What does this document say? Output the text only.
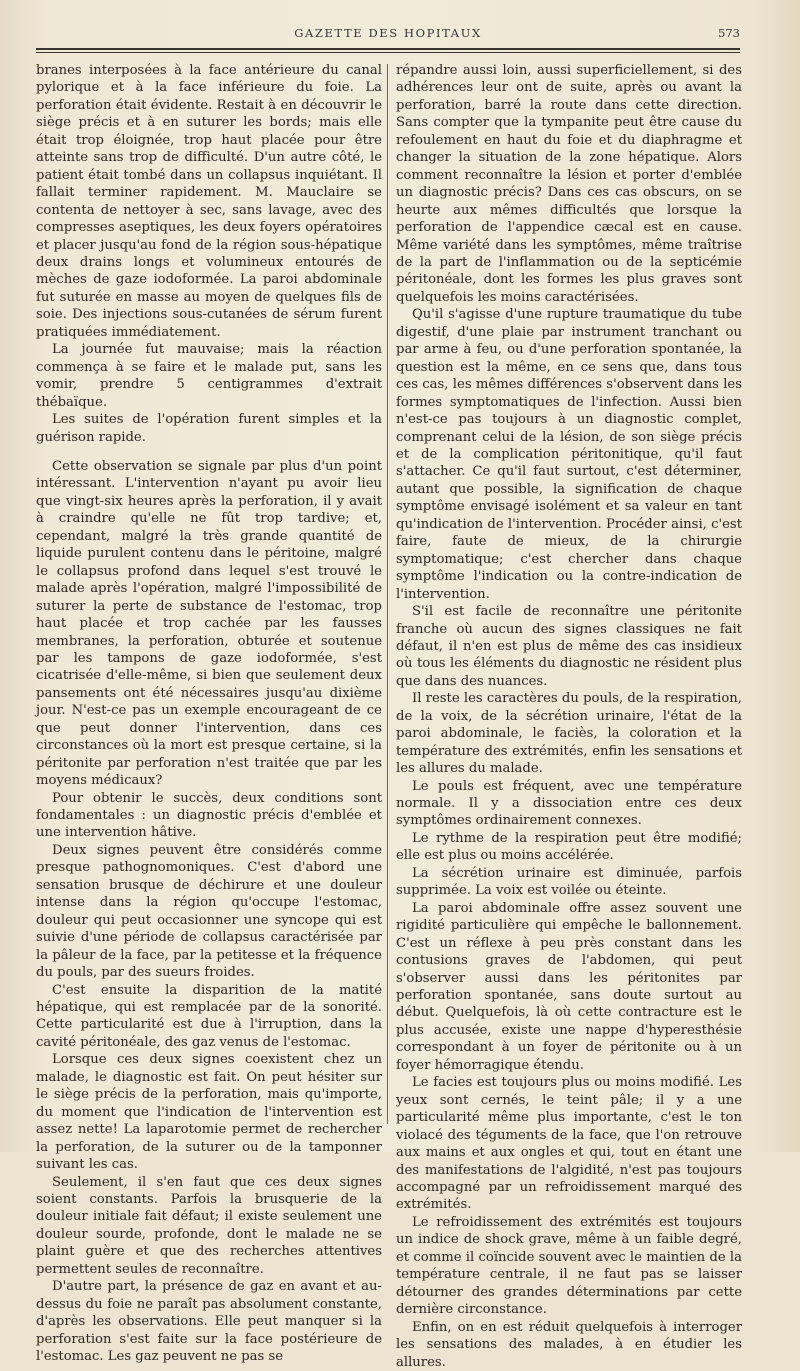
GAZETTE DES HOPITAUX	573

branes interposées à la face antérieure du canal pylorique et à la face inférieure du foie. La perforation était évidente. Restait à en découvrir le siège précis et à en suturer les bords; mais elle était trop éloignée, trop haut placée pour être atteinte sans trop de difficulté. D'un autre côté, le patient était tombé dans un collapsus inquiétant. Il fallait terminer rapidement. M. Mauclaire se contenta de nettoyer à sec, sans lavage, avec des compresses aseptiques, les deux foyers opératoires et placer jusqu'au fond de la région sous-hépatique deux drains longs et volumineux entourés de mèches de gaze iodoformée. La paroi abdominale fut suturée en masse au moyen de quelques fils de soie. Des injections sous-cutanées de sérum furent pratiquées immédiatement.

La journée fut mauvaise; mais la réaction commença à se faire et le malade put, sans les vomir, prendre 5 centigrammes d'extrait thébaïque.

Les suites de l'opération furent simples et la guérison rapide.

Cette observation se signale par plus d'un point intéressant. L'intervention n'ayant pu avoir lieu que vingt-six heures après la perforation, il y avait à craindre qu'elle ne fût trop tardive; et, cependant, malgré la très grande quantité de liquide purulent contenu dans le péritoine, malgré le collapsus profond dans lequel s'est trouvé le malade après l'opération, malgré l'impossibilité de suturer la perte de substance de l'estomac, trop haut placée et trop cachée par les fausses membranes, la perforation, obturée et soutenue par les tampons de gaze iodoformée, s'est cicatrisée d'elle-même, si bien que seulement deux pansements ont été nécessaires jusqu'au dixième jour. N'est-ce pas un exemple encourageant de ce que peut donner l'intervention, dans ces circonstances où la mort est presque certaine, si la péritonite par perforation n'est traitée que par les moyens médicaux?

Pour obtenir le succès, deux conditions sont fondamentales : un diagnostic précis d'emblée et une intervention hâtive.

Deux signes peuvent être considérés comme presque pathognomoniques. C'est d'abord une sensation brusque de déchirure et une douleur intense dans la région qu'occupe l'estomac, douleur qui peut occasionner une syncope qui est suivie d'une période de collapsus caractérisée par la pâleur de la face, par la petitesse et la fréquence du pouls, par des sueurs froides.

C'est ensuite la disparition de la matité hépatique, qui est remplacée par de la sonorité. Cette particularité est due à l'irruption, dans la cavité péritonéale, des gaz venus de l'estomac.

Lorsque ces deux signes coexistent chez un malade, le diagnostic est fait. On peut hésiter sur le siège précis de la perforation, mais qu'importe, du moment que l'indication de l'intervention est assez nette! La laparotomie permet de rechercher la perforation, de la suturer ou de la tamponner suivant les cas.

Seulement, il s'en faut que ces deux signes soient constants. Parfois la brusquerie de la douleur initiale fait défaut; il existe seulement une douleur sourde, profonde, dont le malade ne se plaint guère et que des recherches attentives permettent seules de reconnaître.

D'autre part, la présence de gaz en avant et au-dessus du foie ne paraît pas absolument constante, d'après les observations. Elle peut manquer si la perforation s'est faite sur la face postérieure de l'estomac. Les gaz peuvent ne pas se

répandre aussi loin, aussi superficiellement, si des adhérences leur ont de suite, après ou avant la perforation, barré la route dans cette direction. Sans compter que la tympanite peut être cause du refoulement en haut du foie et du diaphragme et changer la situation de la zone hépatique. Alors comment reconnaître la lésion et porter d'emblée un diagnostic précis? Dans ces cas obscurs, on se heurte aux mêmes difficultés que lorsque la perforation de l'appendice cæcal est en cause. Même variété dans les symptômes, même traîtrise de la part de l'inflammation ou de la septicémie péritonéale, dont les formes les plus graves sont quelquefois les moins caractérisées.

Qu'il s'agisse d'une rupture traumatique du tube digestif, d'une plaie par instrument tranchant ou par arme à feu, ou d'une perforation spontanée, la question est la même, en ce sens que, dans tous ces cas, les mêmes différences s'observent dans les formes symptomatiques de l'infection. Aussi bien n'est-ce pas toujours à un diagnostic complet, comprenant celui de la lésion, de son siège précis et de la complication péritonitique, qu'il faut s'attacher. Ce qu'il faut surtout, c'est déterminer, autant que possible, la signification de chaque symptôme envisagé isolément et sa valeur en tant qu'indication de l'intervention. Procéder ainsi, c'est faire, faute de mieux, de la chirurgie symptomatique; c'est chercher dans chaque symptôme l'indication ou la contre-indication de l'intervention.

S'il est facile de reconnaître une péritonite franche où aucun des signes classiques ne fait défaut, il n'en est plus de même des cas insidieux où tous les éléments du diagnostic ne résident plus que dans des nuances.

Il reste les caractères du pouls, de la respiration, de la voix, de la sécrétion urinaire, l'état de la paroi abdominale, le faciès, la coloration et la température des extrémités, enfin les sensations et les allures du malade.

Le pouls est fréquent, avec une température normale. Il y a dissociation entre ces deux symptômes ordinairement connexes.

Le rythme de la respiration peut être modifié; elle est plus ou moins accélérée.

La sécrétion urinaire est diminuée, parfois supprimée. La voix est voilée ou éteinte.

La paroi abdominale offre assez souvent une rigidité particulière qui empêche le ballonnement. C'est un réflexe à peu près constant dans les contusions graves de l'abdomen, qui peut s'observer aussi dans les péritonites par perforation spontanée, sans doute surtout au début. Quelquefois, là où cette contracture est le plus accusée, existe une nappe d'hyperesthésie correspondant à un foyer de péritonite ou à un foyer hémorragique étendu.

Le facies est toujours plus ou moins modifié. Les yeux sont cernés, le teint pâle; il y a une particularité même plus importante, c'est le ton violacé des téguments de la face, que l'on retrouve aux mains et aux ongles et qui, tout en étant une des manifestations de l'algidité, n'est pas toujours accompagné par un refroidissement marqué des extrémités.

Le refroidissement des extrémités est toujours un indice de shock grave, même à un faible degré, et comme il coïncide souvent avec le maintien de la température centrale, il ne faut pas se laisser détourner des grandes déterminations par cette dernière circonstance.

Enfin, on en est réduit quelquefois à interroger les sensations des malades, à en étudier les allures.
